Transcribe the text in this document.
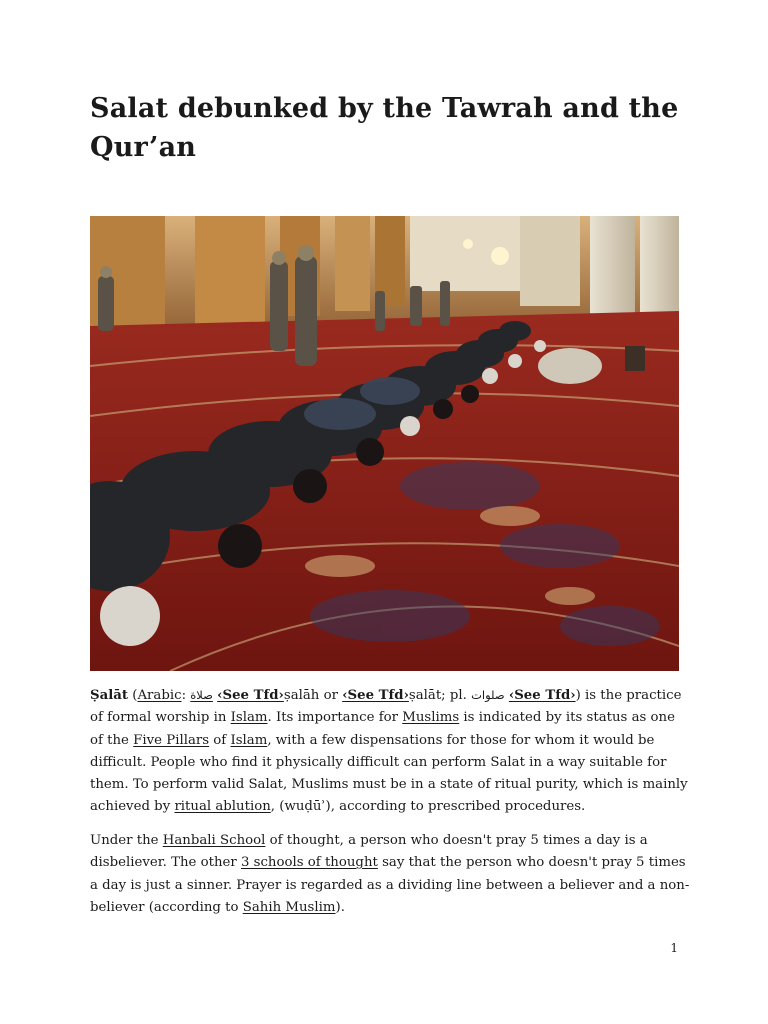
Salat debunked by the Tawrah and the Qur’an

Ṣalāt (Arabic: صلاة ‹See Tfd›ṣalāh or ‹See Tfd›ṣalāt; pl. صلوات ‹See Tfd›) is the practice of formal worship in Islam. Its importance for Muslims is indicated by its status as one of the Five Pillars of Islam, with a few dispensations for those for whom it would be difficult. People who find it physically difficult can perform Salat in a way suitable for them. To perform valid Salat, Muslims must be in a state of ritual purity, which is mainly achieved by ritual ablution, (wuḍūʾ), according to prescribed procedures.

Under the Hanbali School of thought, a person who doesn't pray 5 times a day is a disbeliever. The other 3 schools of thought say that the person who doesn't pray 5 times a day is just a sinner. Prayer is regarded as a dividing line between a believer and a non-believer (according to Sahih Muslim).

1
